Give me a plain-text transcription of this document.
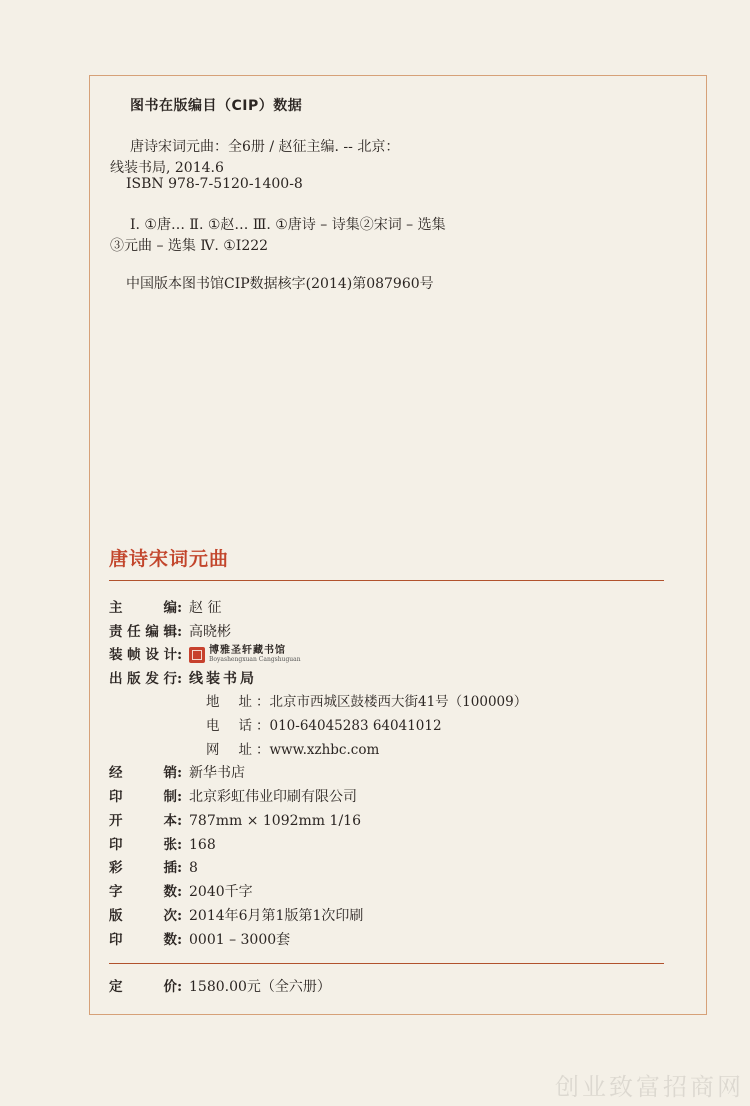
图书在版编目（CIP）数据
唐诗宋词元曲：全6册 / 赵征主编. -- 北京：
线装书局, 2014.6
ISBN 978-7-5120-1400-8
Ⅰ. ①唐… Ⅱ. ①赵… Ⅲ. ①唐诗 – 诗集②宋词 – 选集
③元曲 – 选集 Ⅳ. ①I222
中国版本图书馆CIP数据核字(2014)第087960号
唐诗宋词元曲
主编: 赵 征
责任编辑: 高晓彬
装帧设计:	博雅圣轩藏书馆
Boyashengxuan Cangshuguan
出版发行: 线装书局
地址 ：北京市西城区鼓楼西大街41号（100009）
电话 ：010-64045283 64041012
网址 ：www.xzhbc.com
经销: 新华书店
印制: 北京彩虹伟业印刷有限公司
开本: 787mm × 1092mm 1/16
印张: 168
彩插: 8
字数: 2040千字
版次: 2014年6月第1版第1次印刷
印数: 0001 – 3000套
定价: 1580.00元（全六册）
创业致富招商网
